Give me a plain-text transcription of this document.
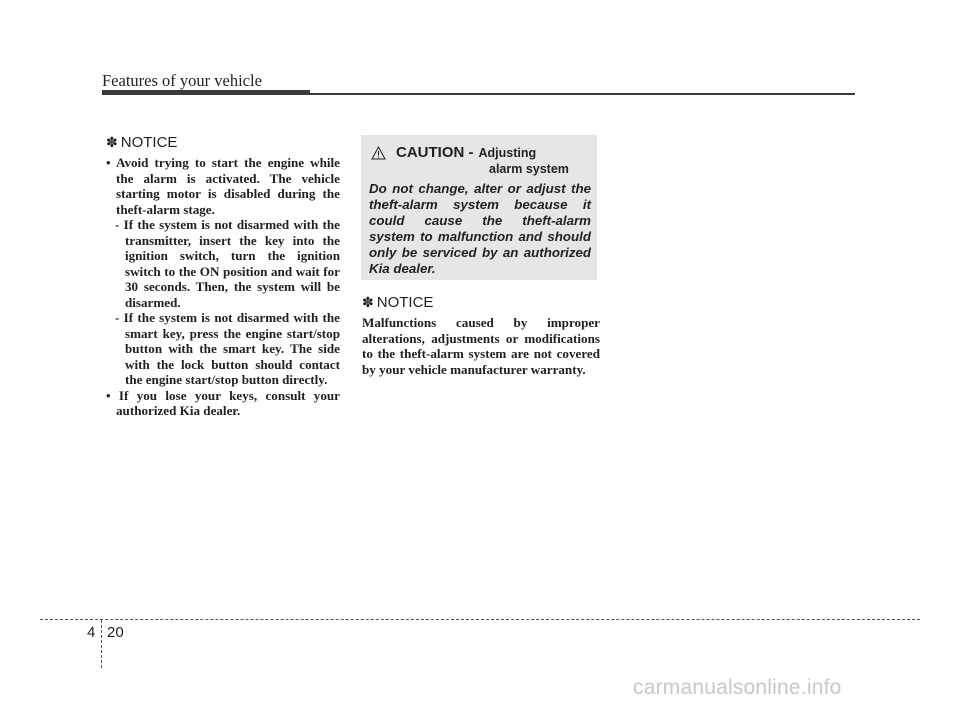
Features of your vehicle
✽ NOTICE
• Avoid trying to start the engine while the alarm is activated. The vehicle starting motor is disabled during the theft-alarm stage.
- If the system is not disarmed with the transmitter, insert the key into the ignition switch, turn the ignition switch to the ON position and wait for 30 seconds. Then, the system will be disarmed.
- If the system is not disarmed with the smart key, press the engine start/stop button with the smart key. The side with the lock button should contact the engine start/stop button directly.
• If you lose your keys, consult your authorized Kia dealer.
CAUTION - Adjusting
alarm system
Do not change, alter or adjust the theft-alarm system because it could cause the theft-alarm system to malfunction and should only be serviced by an authorized Kia dealer.
✽ NOTICE
Malfunctions caused by improper alterations, adjustments or modifications to the theft-alarm system are not covered by your vehicle manufacturer warranty.
4 20
carmanualsonline.info
